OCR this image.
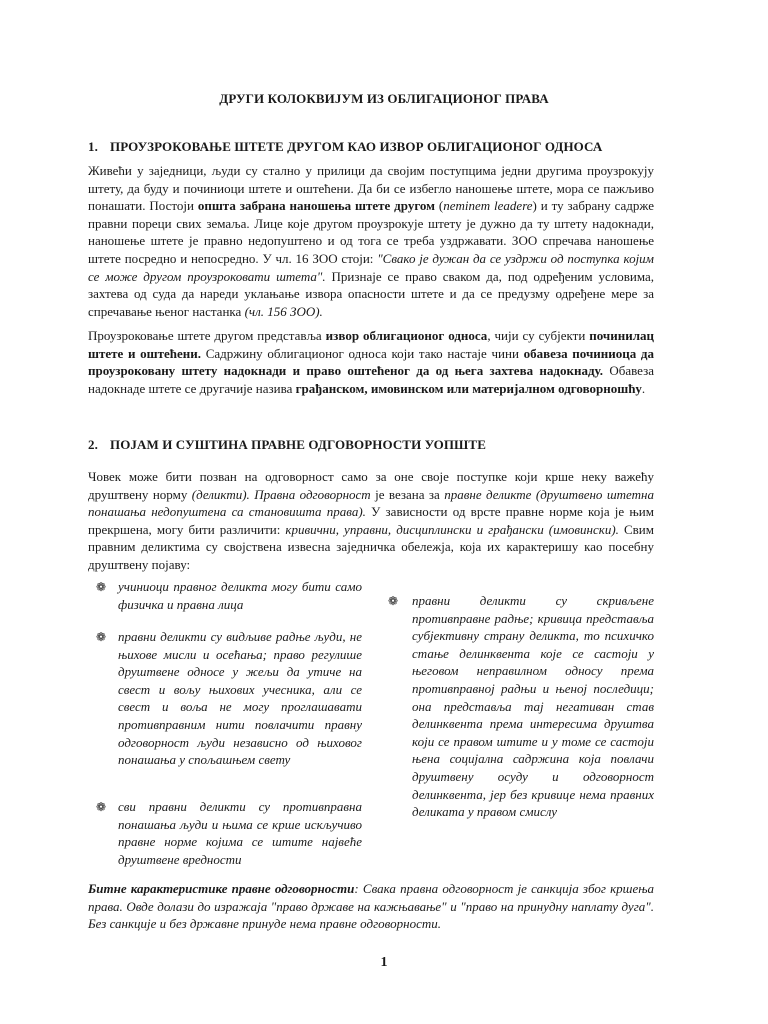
ДРУГИ КОЛОКВИЈУМ ИЗ ОБЛИГАЦИОНОГ ПРАВА
1. ПРОУЗРОКОВАЊЕ ШТЕТЕ ДРУГОМ КАО ИЗВОР ОБЛИГАЦИОНОГ ОДНОСА

Живећи у заједници, људи су стално у прилици да својим поступцима једни другима проузрокују штету, да буду и починиоци штете и оштећени. Да би се избегло наношење штете, мора се пажљиво понашати. Постоји општа забрана наношења штете другом (neminem leadere) и ту забрану садрже правни пореци свих земаља. Лице које другом проузрокује штету је дужно да ту штету надокнади, наношење штете је правно недопуштено и од тога се треба уздржавати. ЗОО спречава наношење штете посредно и непосредно. У чл. 16 ЗОО стоји: "Свако је дужан да се уздржи од поступка којим се може другом проузроковати штета". Признаје се право сваком да, под одређеним условима, захтева од суда да нареди уклањање извора опасности штете и да се предузму одређене мере за спречавање њеног настанка (чл. 156 ЗОО).

Проузроковање штете другом представља извор облигационог односа, чији су субјекти починилац штете и оштећени. Садржину облигационог односа који тако настаје чини обавеза починиоца да проузроковану штету надокнади и право оштећеног да од њега захтева надокнаду. Обавеза надокнаде штете се другачије назива грађанском, имовинском или материјалном одговорношћу.

2. ПОЈАМ И СУШТИНА ПРАВНЕ ОДГОВОРНОСТИ УОПШТЕ

Човек може бити позван на одговорност само за оне своје поступке који крше неку важећу друштвену норму (деликти). Правна одговорност је везана за правне деликте (друштвено штетна понашања недопуштена са становишта права). У зависности од врсте правне норме која је њим прекршена, могу бити различити: кривични, управни, дисциплински и грађански (имовински). Свим правним деликтима су својствена извесна заједничка обележја, која их карактеришу као посебну друштвену појаву:

❁ учиниоци правног деликта могу бити само физичка и правна лица

❁ правни деликти су видљиве радње људи, не њихове мисли и осећања; право регулише друштвене односе у жељи да утиче на свест и вољу њихових учесника, али се свест и воља не могу проглашавати противправним нити повлачити правну одговорност људи независно од њиховог понашања у спољашњем свету

❁ сви правни деликти су противправна понашања људи и њима се крше искључиво правне норме којима се штите највеће друштвене вредности

❁ правни деликти су скривљене противправне радње; кривица представља субјективну страну деликта, то психичко стање делинквента које се састоји у његовом неправилном односу према противправној радњи и њеној последици; она представља тај негативан став делинквента према интересима друштва који се правом штите и у томе се састоји њена социјална садржина која повлачи друштвену осуду и одговорност делинквента, јер без кривице нема правних деликата у правом смислу

Битне карактеристике правне одговорности: Свака правна одговорност је санкција због кршења права. Овде долази до изражаја "право државе на кажњавање" и "право на принудну наплату дуга". Без санкције и без државне принуде нема правне одговорности.

1
